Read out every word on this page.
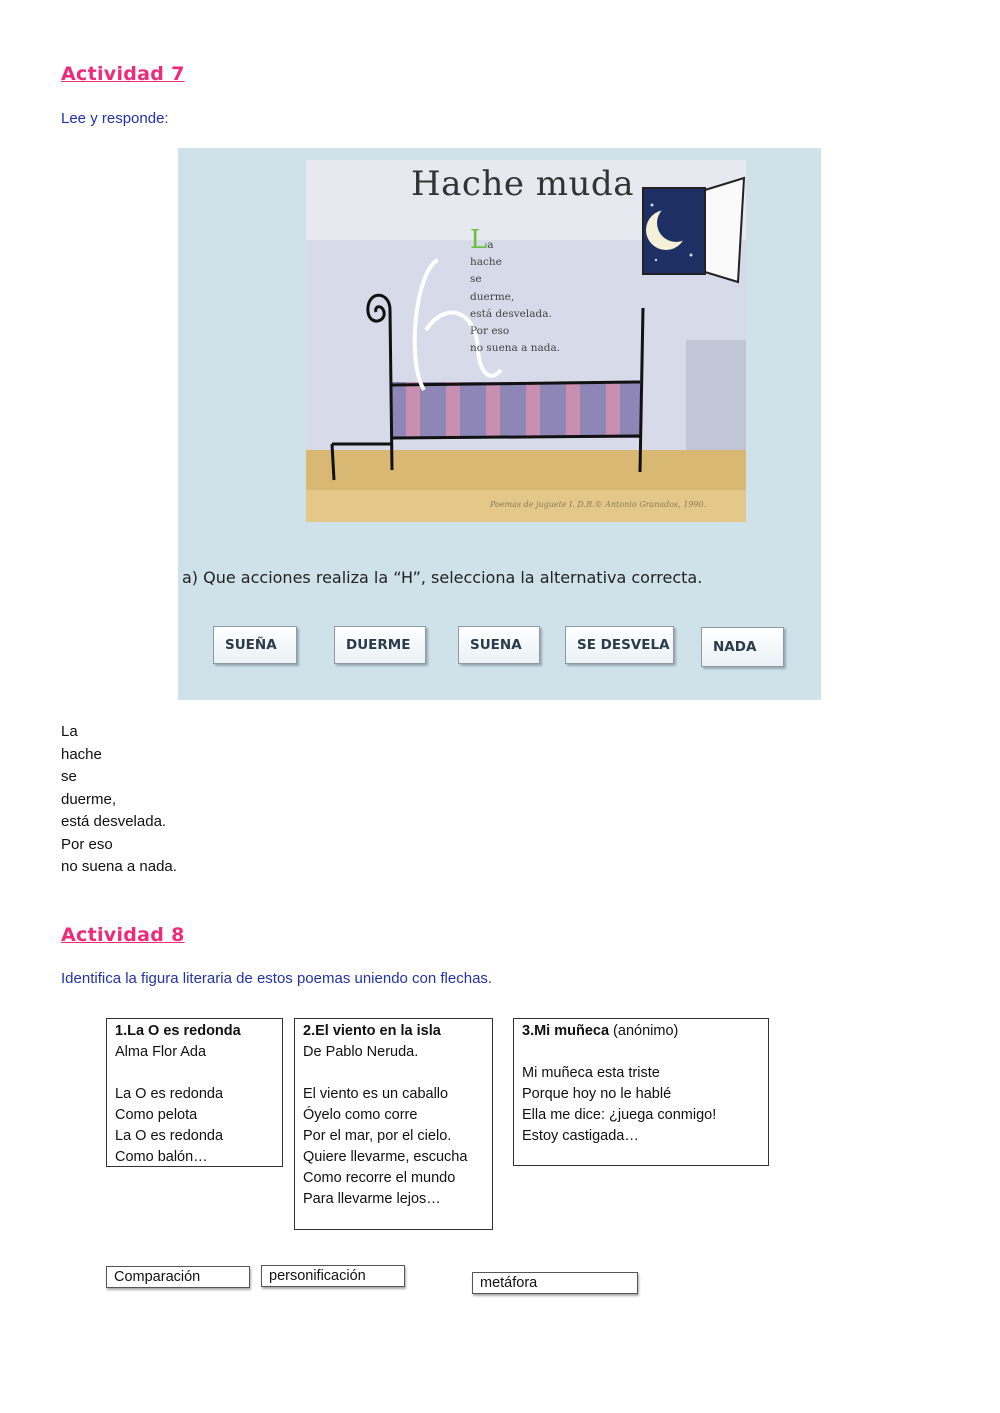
Actividad 7
Lee y responde:
Hache muda
La
hache
se
duerme,
está desvelada.
Por eso
no suena a nada.
Poemas de juguete I. D.R.© Antonio Granados, 1990.
a) Que acciones realiza la “H”, selecciona la alternativa correcta.
SUEÑA	DUERME	SUENA	SE DESVELA	NADA
La
hache
se
duerme,
está desvelada.
Por eso
no suena a nada.
Actividad 8
Identifica la figura literaria de estos poemas uniendo con flechas.
1.La O es redonda
Alma Flor Ada
La O es redonda
Como pelota
La O es redonda
Como balón…
2.El viento en la isla
De Pablo Neruda.
El viento es un caballo
Óyelo como corre
Por el mar, por el cielo.
Quiere llevarme, escucha
Como recorre el mundo
Para llevarme lejos…
3.Mi muñeca (anónimo)
Mi muñeca esta triste
Porque hoy no le hablé
Ella me dice: ¿juega conmigo!
Estoy castigada…
Comparación	personificación	metáfora
